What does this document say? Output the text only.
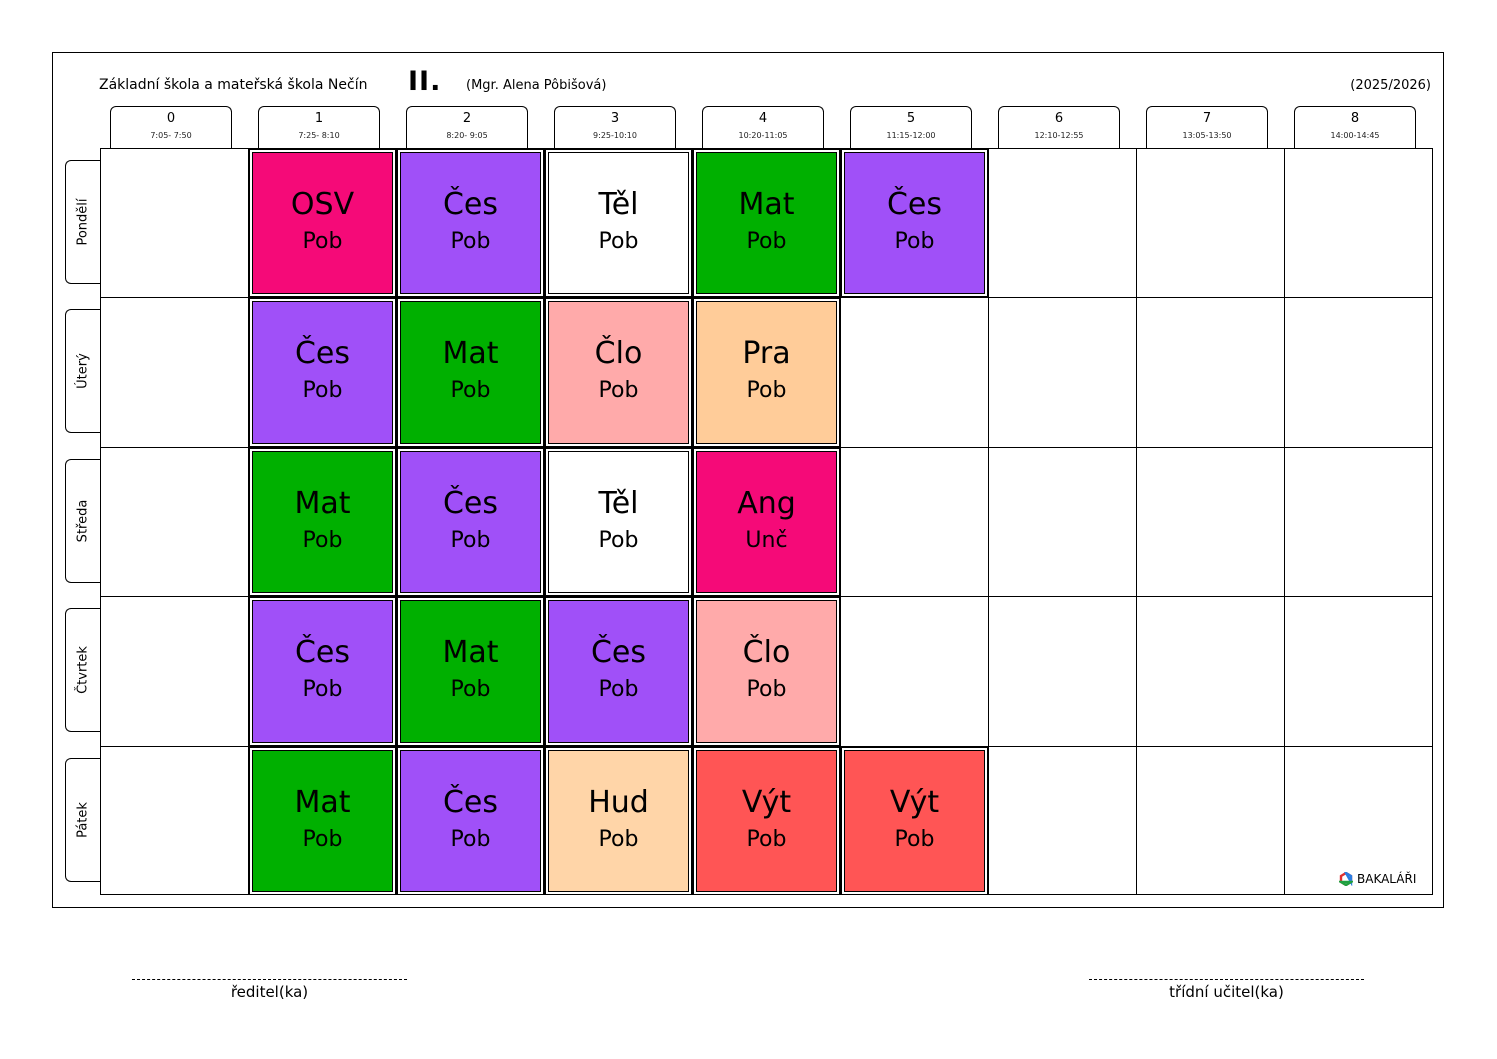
Základní škola a mateřská škola Nečín II. (Mgr. Alena Pôbišová)	(2025/2026)
0
7:05- 7:50
1
7:25- 8:10
2
8:20- 9:05
3
9:25-10:10
4
10:20-11:05
5
11:15-12:00
6
12:10-12:55
7
13:05-13:50
8
14:00-14:45
Pondělí
Úterý
Středa
Čtvrtek
Pátek
OSV
Pob
Čes
Pob
Těl
Pob
Mat
Pob
Čes
Pob
Čes
Pob
Mat
Pob
Člo
Pob
Pra
Pob
Mat
Pob
Čes
Pob
Těl
Pob
Ang
Unč
Čes
Pob
Mat
Pob
Čes
Pob
Člo
Pob
Mat
Pob
Čes
Pob
Hud
Pob
Výt
Pob
Výt
Pob
BAKALÁŘI
ředitel(ka)	třídní učitel(ka)
